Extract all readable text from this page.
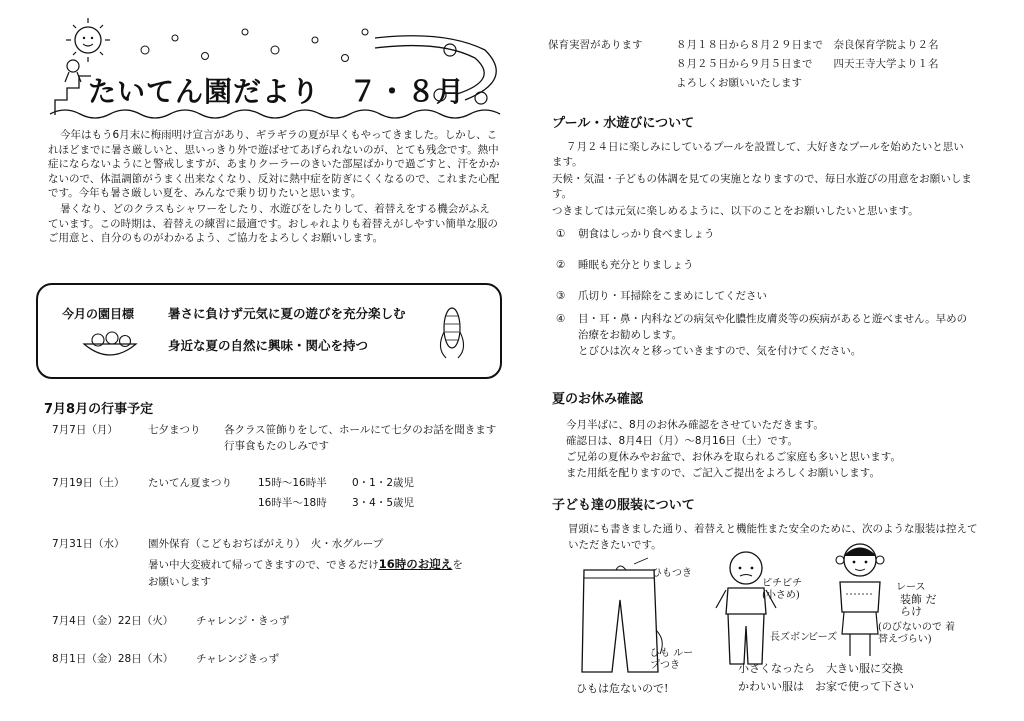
たいてん園だより　７・８月
今年はもう6月末に梅雨明け宣言があり、ギラギラの夏が早くもやってきました。しかし、これほどまでに暑さ厳しいと、思いっきり外で遊ばせてあげられないのが、とても残念です。熱中症にならないようにと警戒しますが、あまりクーラーのきいた部屋ばかりで過ごすと、汗をかかないので、体温調節がうまく出来なくなり、反対に熱中症を防ぎにくくなるので、これまた心配です。今年も暑さ厳しい夏を、みんなで乗り切りたいと思います。
暑くなり、どのクラスもシャワーをしたり、水遊びをしたりして、着替えをする機会がふえています。この時期は、着替えの練習に最適です。おしゃれよりも着替えがしやすい簡単な服のご用意と、自分のものがわかるよう、ご協力をよろしくお願いします。
今月の園目標	暑さに負けず元気に夏の遊びを充分楽しむ
身近な夏の自然に興味・関心を持つ
7月8月の行事予定
7月7日（月）	七夕まつり 各クラス笹飾りをして、ホールにて七夕のお話を聞きます
行事食もたのしみです
7月19日（土） たいてん夏まつり 15時〜16時半 0・1・2歳児
16時半〜18時 3・4・5歳児
7月31日（水） 園外保育（こどもおぢばがえり）　火・水グループ
暑い中大変疲れて帰ってきますので、できるだけ16時のお迎えを
お願いします
7月4日（金）22日（火） チャレンジ・きっず
8月1日（金）28日（木） チャレンジきっず
保育実習があります	８月１８日から８月２９日まで　奈良保育学院より２名
８月２５日から９月５日まで　　四天王寺大学より１名
よろしくお願いいたします
プール・水遊びについて
７月２４日に楽しみにしているプールを設置して、大好きなプールを始めたいと思います。
天候・気温・子どもの体調を見ての実施となりますので、毎日水遊びの用意をお願いします。
つきましては元気に楽しめるように、以下のことをお願いしたいと思います。
① 朝食はしっかり食べましょう
② 睡眠も充分とりましょう
③ 爪切り・耳掃除をこまめにしてください
④ 目・耳・鼻・内科などの病気や化膿性皮膚炎等の疾病があると遊べません。早めの
治療をお勧めします。
とびひは次々と移っていきますので、気を付けてください。
夏のお休み確認
今月半ばに、8月のお休み確認をさせていただきます。
確認日は、8月4日（月）〜8月16日（土）です。
ご兄弟の夏休みやお盆で、お休みを取られるご家庭も多いと思います。
また用紙を配りますので、ご記入ご提出をよろしくお願いします。
子ども達の服装について
冒頭にも書きました通り、着替えと機能性また安全のために、次のような服装は控えて
いただきたいです。
ひもつき
ひも ループつき
ひもは危ないので!
ピチピチ (小さめ)
長ズボン
レース
装飾 だらけ
(のびないので 着替えづらい)
ビーズ
小さくなったら　大きい服に交換
かわいい服は　お家で使って下さい
